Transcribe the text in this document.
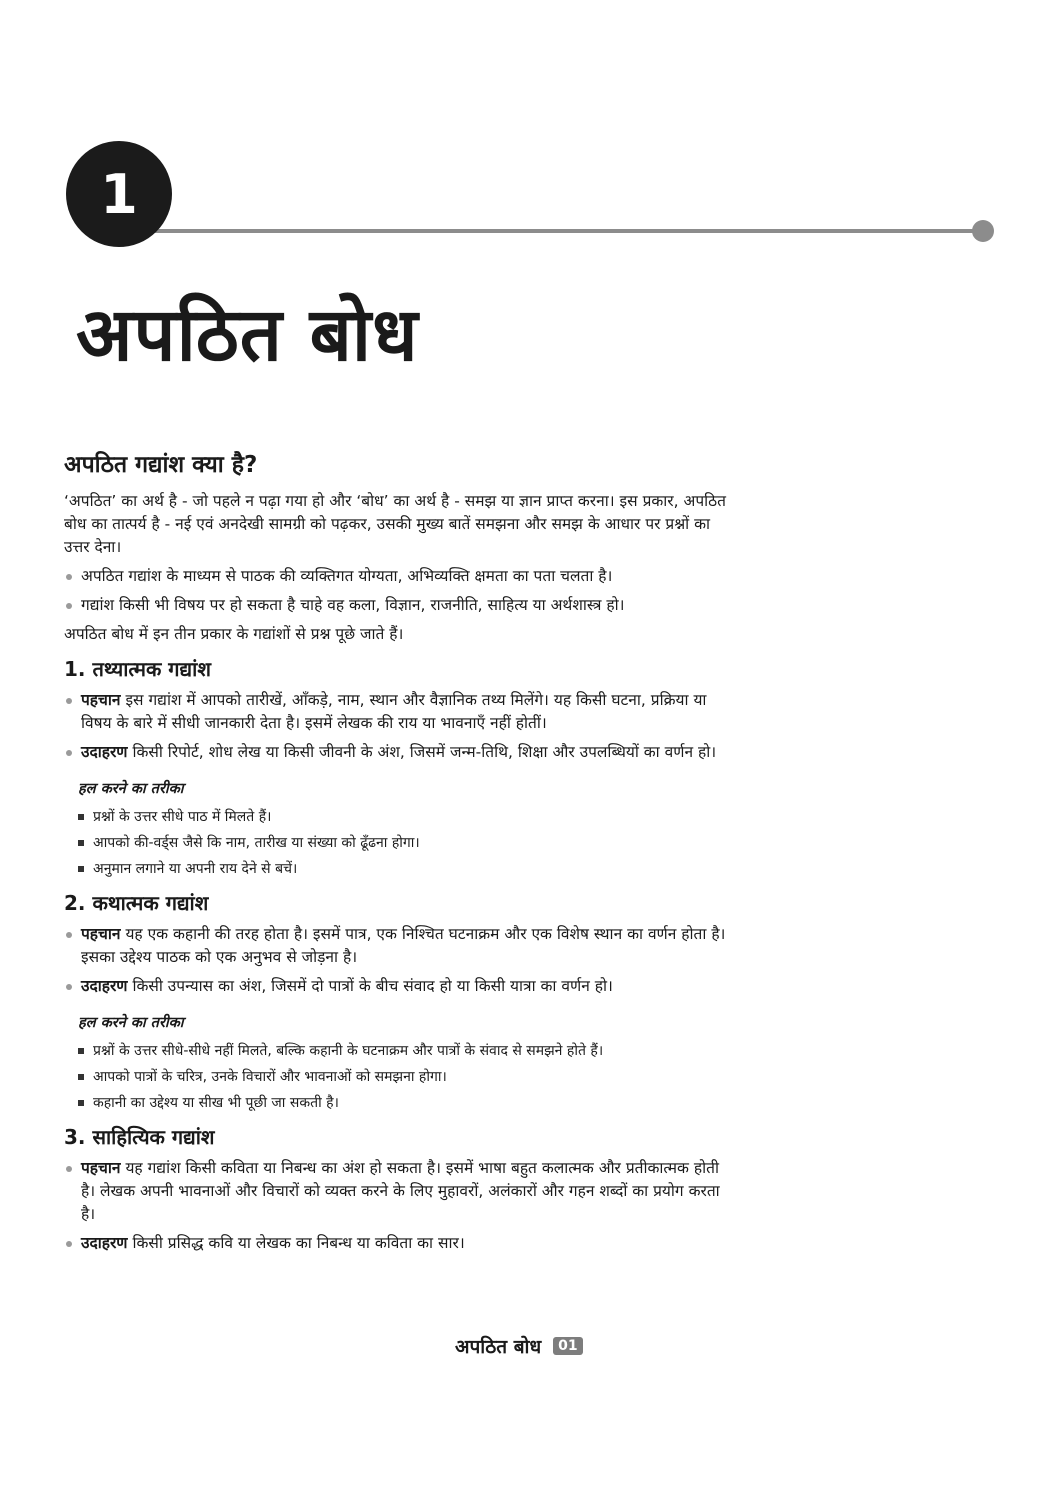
1
अपठित बोध
अपठित गद्यांश क्या है?

‘अपठित’ का अर्थ है - जो पहले न पढ़ा गया हो और ‘बोध’ का अर्थ है - समझ या ज्ञान प्राप्त करना। इस प्रकार, अपठित बोध का तात्पर्य है - नई एवं अनदेखी सामग्री को पढ़कर, उसकी मुख्य बातें समझना और समझ के आधार पर प्रश्नों का उत्तर देना।

अपठित गद्यांश के माध्यम से पाठक की व्यक्तिगत योग्यता, अभिव्यक्ति क्षमता का पता चलता है।
गद्यांश किसी भी विषय पर हो सकता है चाहे वह कला, विज्ञान, राजनीति, साहित्य या अर्थशास्त्र हो।

अपठित बोध में इन तीन प्रकार के गद्यांशों से प्रश्न पूछे जाते हैं।

1. तथ्यात्मक गद्यांश
पहचान इस गद्यांश में आपको तारीखें, आँकड़े, नाम, स्थान और वैज्ञानिक तथ्य मिलेंगे। यह किसी घटना, प्रक्रिया या विषय के बारे में सीधी जानकारी देता है। इसमें लेखक की राय या भावनाएँ नहीं होतीं।
उदाहरण किसी रिपोर्ट, शोध लेख या किसी जीवनी के अंश, जिसमें जन्म-तिथि, शिक्षा और उपलब्धियों का वर्णन हो।
हल करने का तरीका
प्रश्नों के उत्तर सीधे पाठ में मिलते हैं।
आपको की-वर्ड्स जैसे कि नाम, तारीख या संख्या को ढूँढना होगा।
अनुमान लगाने या अपनी राय देने से बचें।
2. कथात्मक गद्यांश
पहचान यह एक कहानी की तरह होता है। इसमें पात्र, एक निश्चित घटनाक्रम और एक विशेष स्थान का वर्णन होता है। इसका उद्देश्य पाठक को एक अनुभव से जोड़ना है।
उदाहरण किसी उपन्यास का अंश, जिसमें दो पात्रों के बीच संवाद हो या किसी यात्रा का वर्णन हो।
हल करने का तरीका
प्रश्नों के उत्तर सीधे-सीधे नहीं मिलते, बल्कि कहानी के घटनाक्रम और पात्रों के संवाद से समझने होते हैं।
आपको पात्रों के चरित्र, उनके विचारों और भावनाओं को समझना होगा।
कहानी का उद्देश्य या सीख भी पूछी जा सकती है।
3. साहित्यिक गद्यांश
पहचान यह गद्यांश किसी कविता या निबन्ध का अंश हो सकता है। इसमें भाषा बहुत कलात्मक और प्रतीकात्मक होती है। लेखक अपनी भावनाओं और विचारों को व्यक्त करने के लिए मुहावरों, अलंकारों और गहन शब्दों का प्रयोग करता है।
उदाहरण किसी प्रसिद्ध कवि या लेखक का निबन्ध या कविता का सार।
अपठित बोध	01
